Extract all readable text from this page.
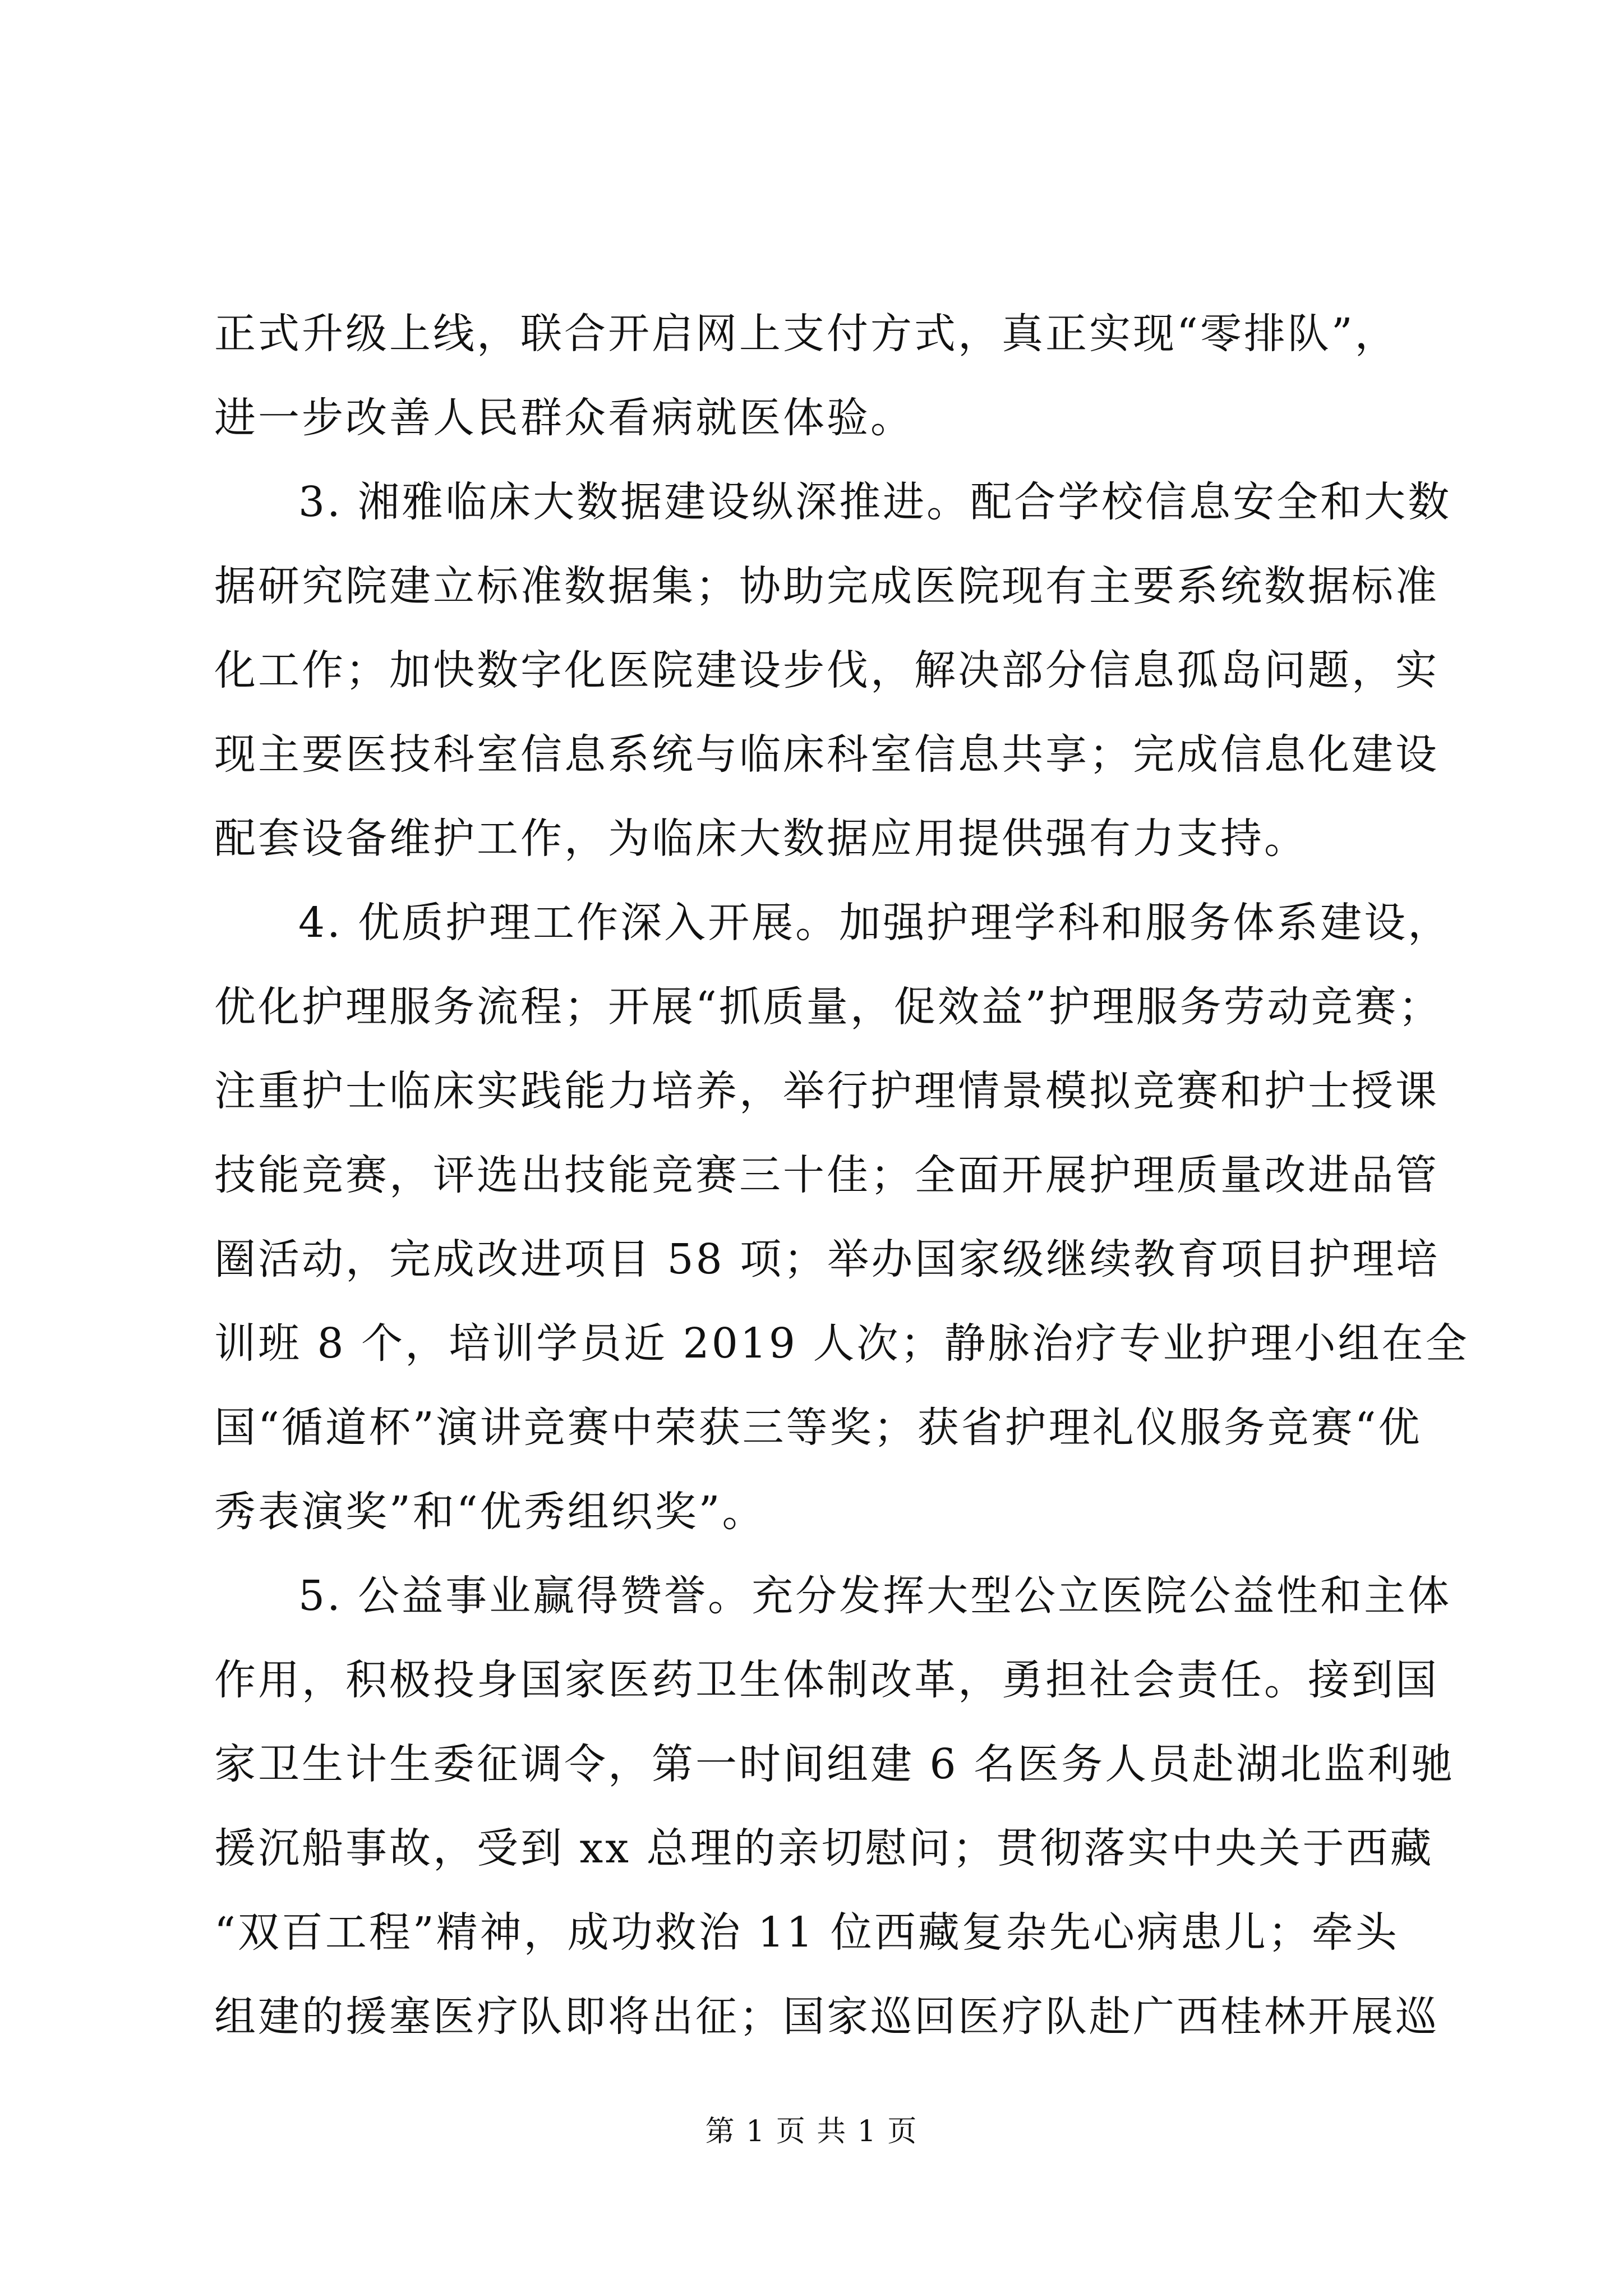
正式升级上线，联合开启网上支付方式，真正实现“零排队”，
进一步改善人民群众看病就医体验。
3. 湘雅临床大数据建设纵深推进。配合学校信息安全和大数
据研究院建立标准数据集；协助完成医院现有主要系统数据标准
化工作；加快数字化医院建设步伐，解决部分信息孤岛问题，实
现主要医技科室信息系统与临床科室信息共享；完成信息化建设
配套设备维护工作，为临床大数据应用提供强有力支持。
4. 优质护理工作深入开展。加强护理学科和服务体系建设，
优化护理服务流程；开展“抓质量，促效益”护理服务劳动竞赛；
注重护士临床实践能力培养，举行护理情景模拟竞赛和护士授课
技能竞赛，评选出技能竞赛三十佳；全面开展护理质量改进品管
圈活动，完成改进项目 58 项；举办国家级继续教育项目护理培
训班 8 个，培训学员近 2019 人次；静脉治疗专业护理小组在全
国“循道杯”演讲竞赛中荣获三等奖；获省护理礼仪服务竞赛“优
秀表演奖”和“优秀组织奖”。
5. 公益事业赢得赞誉。充分发挥大型公立医院公益性和主体
作用，积极投身国家医药卫生体制改革，勇担社会责任。接到国
家卫生计生委征调令，第一时间组建 6 名医务人员赴湖北监利驰
援沉船事故，受到 xx 总理的亲切慰问；贯彻落实中央关于西藏
“双百工程”精神，成功救治 11 位西藏复杂先心病患儿；牵头
组建的援塞医疗队即将出征；国家巡回医疗队赴广西桂林开展巡
第 1 页 共 1 页
